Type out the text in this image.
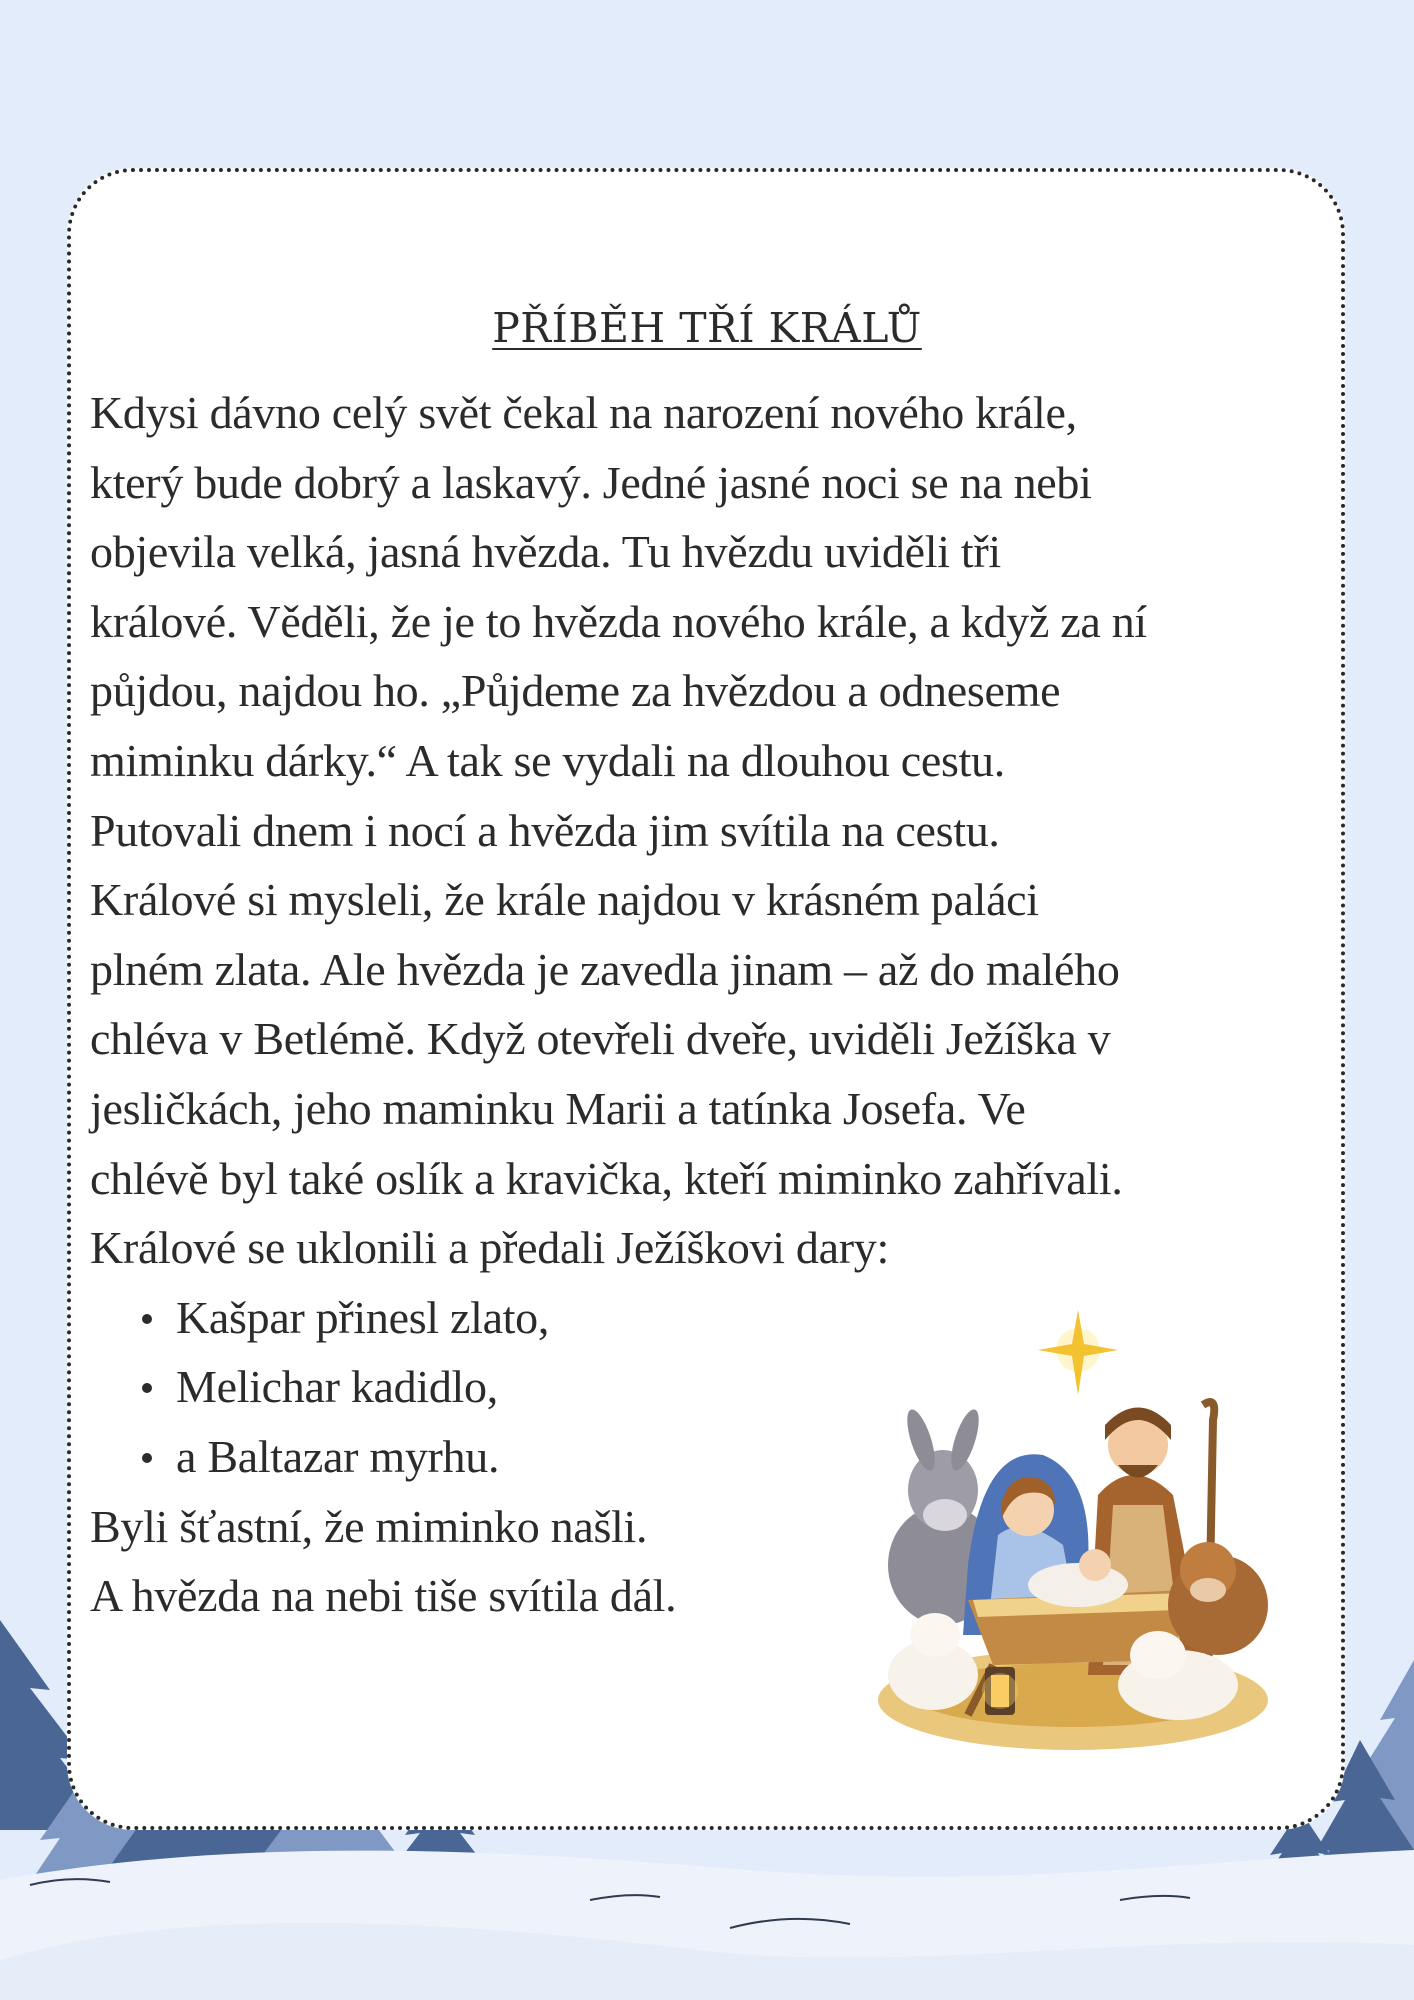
PŘÍBĚH TŘÍ KRÁLŮ
Kdysi dávno celý svět čekal na narození nového krále,
který bude dobrý a laskavý. Jedné jasné noci se na nebi
objevila velká, jasná hvězda. Tu hvězdu uviděli tři
králové. Věděli, že je to hvězda nového krále, a když za ní
půjdou, najdou ho. „Půjdeme za hvězdou a odneseme
miminku dárky.“ A tak se vydali na dlouhou cestu.
Putovali dnem i nocí a hvězda jim svítila na cestu.
Králové si mysleli, že krále najdou v krásném paláci
plném zlata. Ale hvězda je zavedla jinam – až do malého
chléva v Betlémě. Když otevřeli dveře, uviděli Ježíška v
jesličkách, jeho maminku Marii a tatínka Josefa. Ve
chlévě byl také oslík a kravička, kteří miminko zahřívali.
Králové se uklonili a předali Ježíškovi dary:
Kašpar přinesl zlato,
Melichar kadidlo,
a Baltazar myrhu.
Byli šťastní, že miminko našli.
A hvězda na nebi tiše svítila dál.
